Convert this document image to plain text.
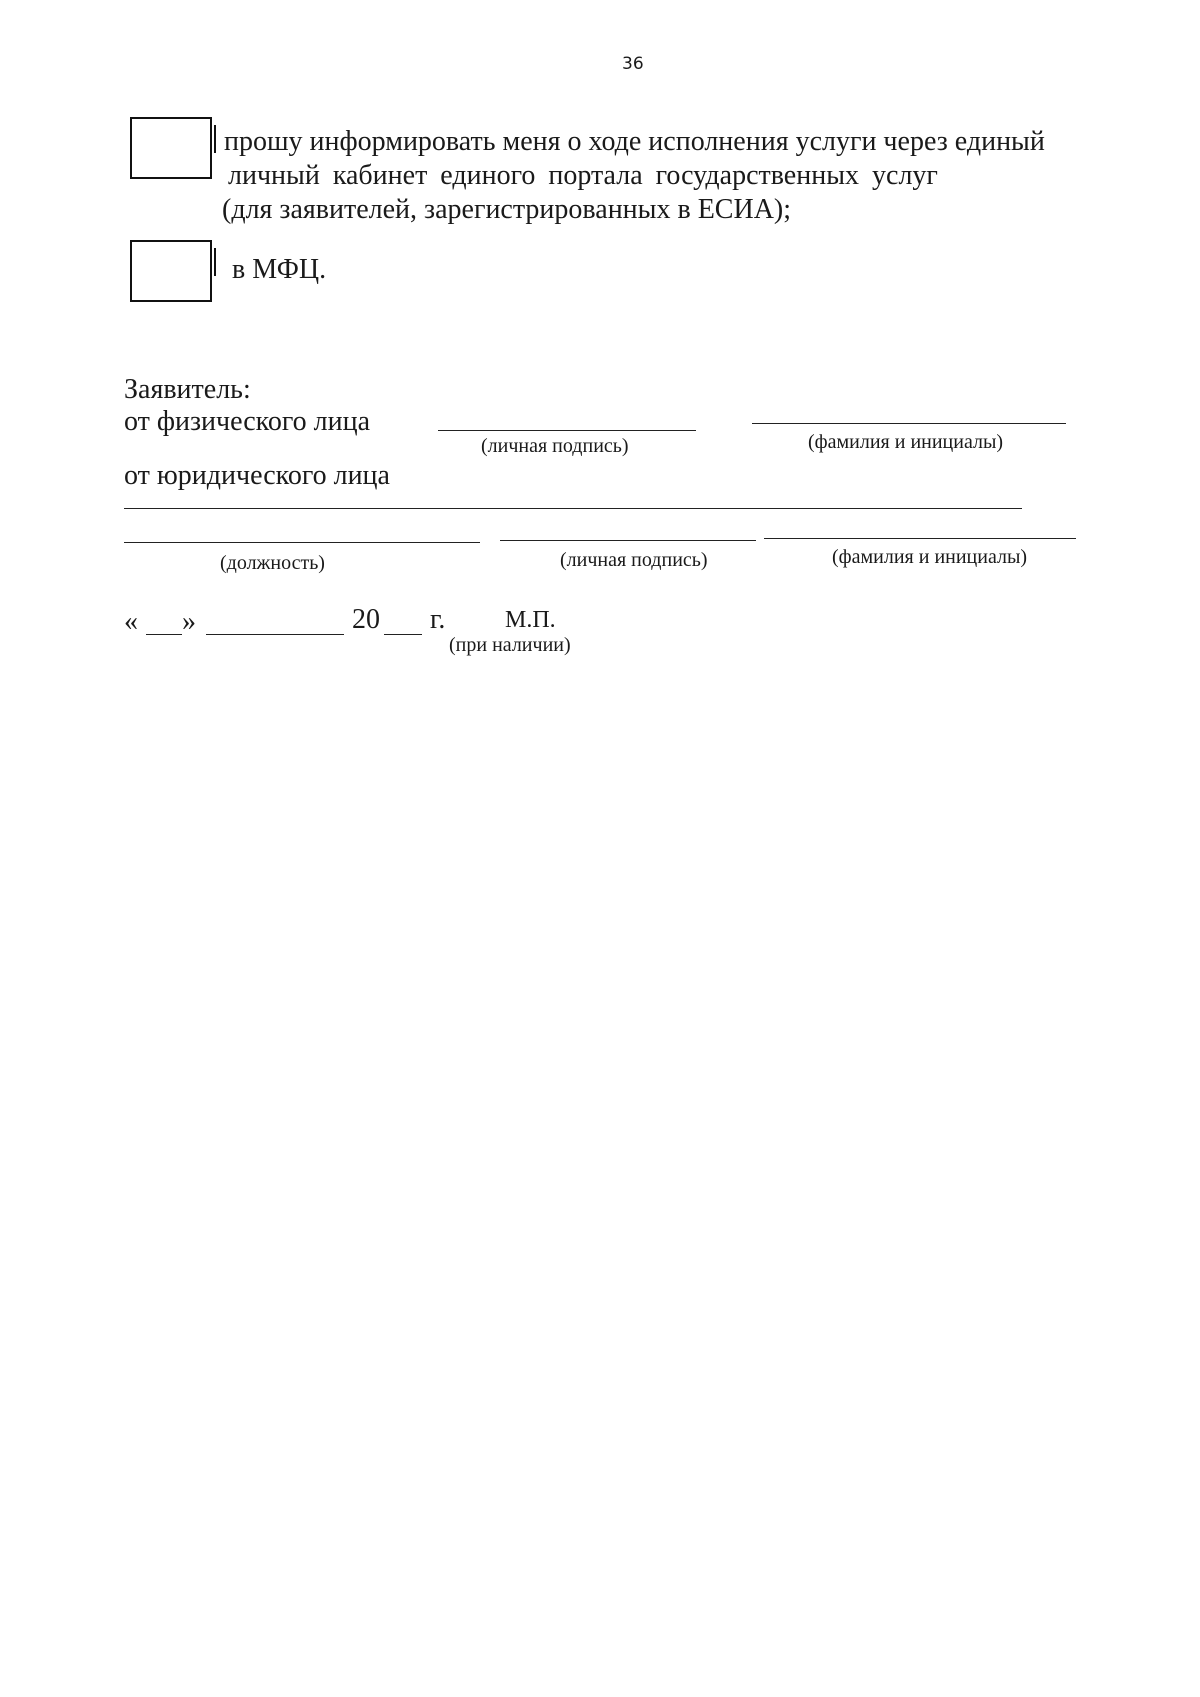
36
прошу информировать меня о ходе исполнения услуги через единый
личный кабинет единого портала государственных услуг
(для заявителей, зарегистрированных в ЕСИА);
в МФЦ.
Заявитель:
от физического лица
(личная подпись)	(фамилия и инициалы)
от юридического лица
(должность)	(личная подпись)	(фамилия и инициалы)
« »	20 г. М.П.
(при наличии)
